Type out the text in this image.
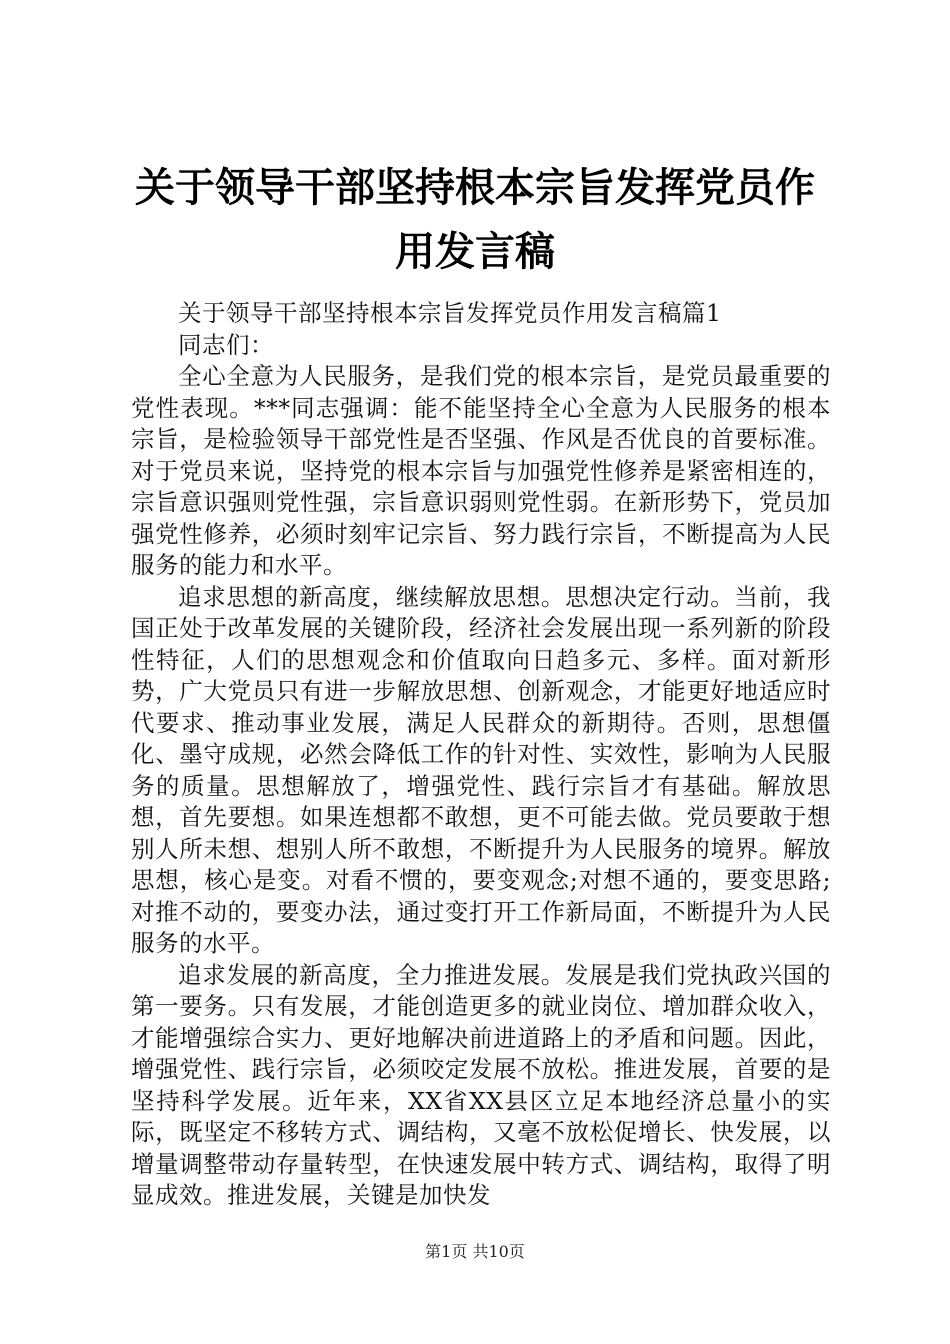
关于领导干部坚持根本宗旨发挥党员作用发言稿

关于领导干部坚持根本宗旨发挥党员作用发言稿篇1

同志们：

全心全意为人民服务，是我们党的根本宗旨，是党员最重要的党性表现。***同志强调：能不能坚持全心全意为人民服务的根本宗旨，是检验领导干部党性是否坚强、作风是否优良的首要标准。对于党员来说，坚持党的根本宗旨与加强党性修养是紧密相连的，宗旨意识强则党性强，宗旨意识弱则党性弱。在新形势下，党员加强党性修养，必须时刻牢记宗旨、努力践行宗旨，不断提高为人民服务的能力和水平。

追求思想的新高度，继续解放思想。思想决定行动。当前，我国正处于改革发展的关键阶段，经济社会发展出现一系列新的阶段性特征，人们的思想观念和价值取向日趋多元、多样。面对新形势，广大党员只有进一步解放思想、创新观念，才能更好地适应时代要求、推动事业发展，满足人民群众的新期待。否则，思想僵化、墨守成规，必然会降低工作的针对性、实效性，影响为人民服务的质量。思想解放了，增强党性、践行宗旨才有基础。解放思想，首先要想。如果连想都不敢想，更不可能去做。党员要敢于想别人所未想、想别人所不敢想，不断提升为人民服务的境界。解放思想，核心是变。对看不惯的，要变观念;对想不通的，要变思路;对推不动的，要变办法，通过变打开工作新局面，不断提升为人民服务的水平。

追求发展的新高度，全力推进发展。发展是我们党执政兴国的第一要务。只有发展，才能创造更多的就业岗位、增加群众收入，才能增强综合实力、更好地解决前进道路上的矛盾和问题。因此，增强党性、践行宗旨，必须咬定发展不放松。推进发展，首要的是坚持科学发展。近年来，XX省XX县区立足本地经济总量小的实际，既坚定不移转方式、调结构，又毫不放松促增长、快发展，以增量调整带动存量转型，在快速发展中转方式、调结构，取得了明显成效。推进发展，关键是加快发

第1页 共10页
